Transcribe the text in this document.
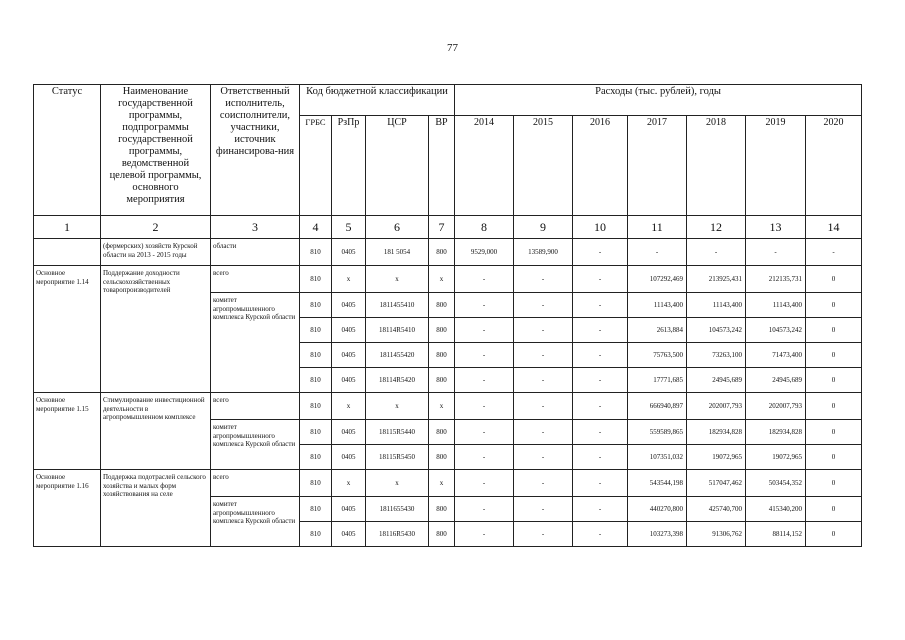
77
Статус	Наименование государственной программы, подпрограммы государственной программы, ведомственной целевой программы, основного мероприятия	Ответственный исполнитель, соисполнители, участники, источник финансирова-ния	Код бюджетной классификации				Расходы (тыс. рублей), годы						
			ГРБС	РзПр	ЦСР	ВР	2014	2015	2016	2017	2018	2019	2020
1	2	3	4	5	6	7	8	9	10	11	12	13	14
	(фермерских) хозяйств Курской области на 2013 - 2015 годы	области	810	0405	181 5054	800	9529,000	13589,900	-	-	-	-	-
Основное мероприятие 1.14	Поддержание доходности сельскохозяйственных товаропроизводителей	всего	810	х	х	х	-	-	-	107292,469	213925,431	212135,731	0
		комитет агропромышленного комплекса Курской области	810	0405	1811455410	800	-	-	-	11143,400	11143,400	11143,400	0
			810	0405	18114R5410	800	-	-	-	2613,884	104573,242	104573,242	0
			810	0405	1811455420	800	-	-	-	75763,500	73263,100	71473,400	0
			810	0405	18114R5420	800	-	-	-	17771,685	24945,689	24945,689	0
Основное мероприятие 1.15	Стимулирование инвестиционной деятельности в агропромышленном комплексе	всего	810	х	х	х	-	-	-	666940,897	202007,793	202007,793	0
		комитет агропромышленного комплекса Курской области	810	0405	18115R5440	800	-	-	-	559589,865	182934,828	182934,828	0
			810	0405	18115R5450	800	-	-	-	107351,032	19072,965	19072,965	0
Основное мероприятие 1.16	Поддержка подотраслей сельского хозяйства и малых форм хозяйствования на селе	всего	810	х	х	х	-	-	-	543544,198	517047,462	503454,352	0
		комитет агропромышленного комплекса Курской области	810	0405	1811655430	800	-	-	-	440270,800	425740,700	415340,200	0
			810	0405	18116R5430	800	-	-	-	103273,398	91306,762	88114,152	0
